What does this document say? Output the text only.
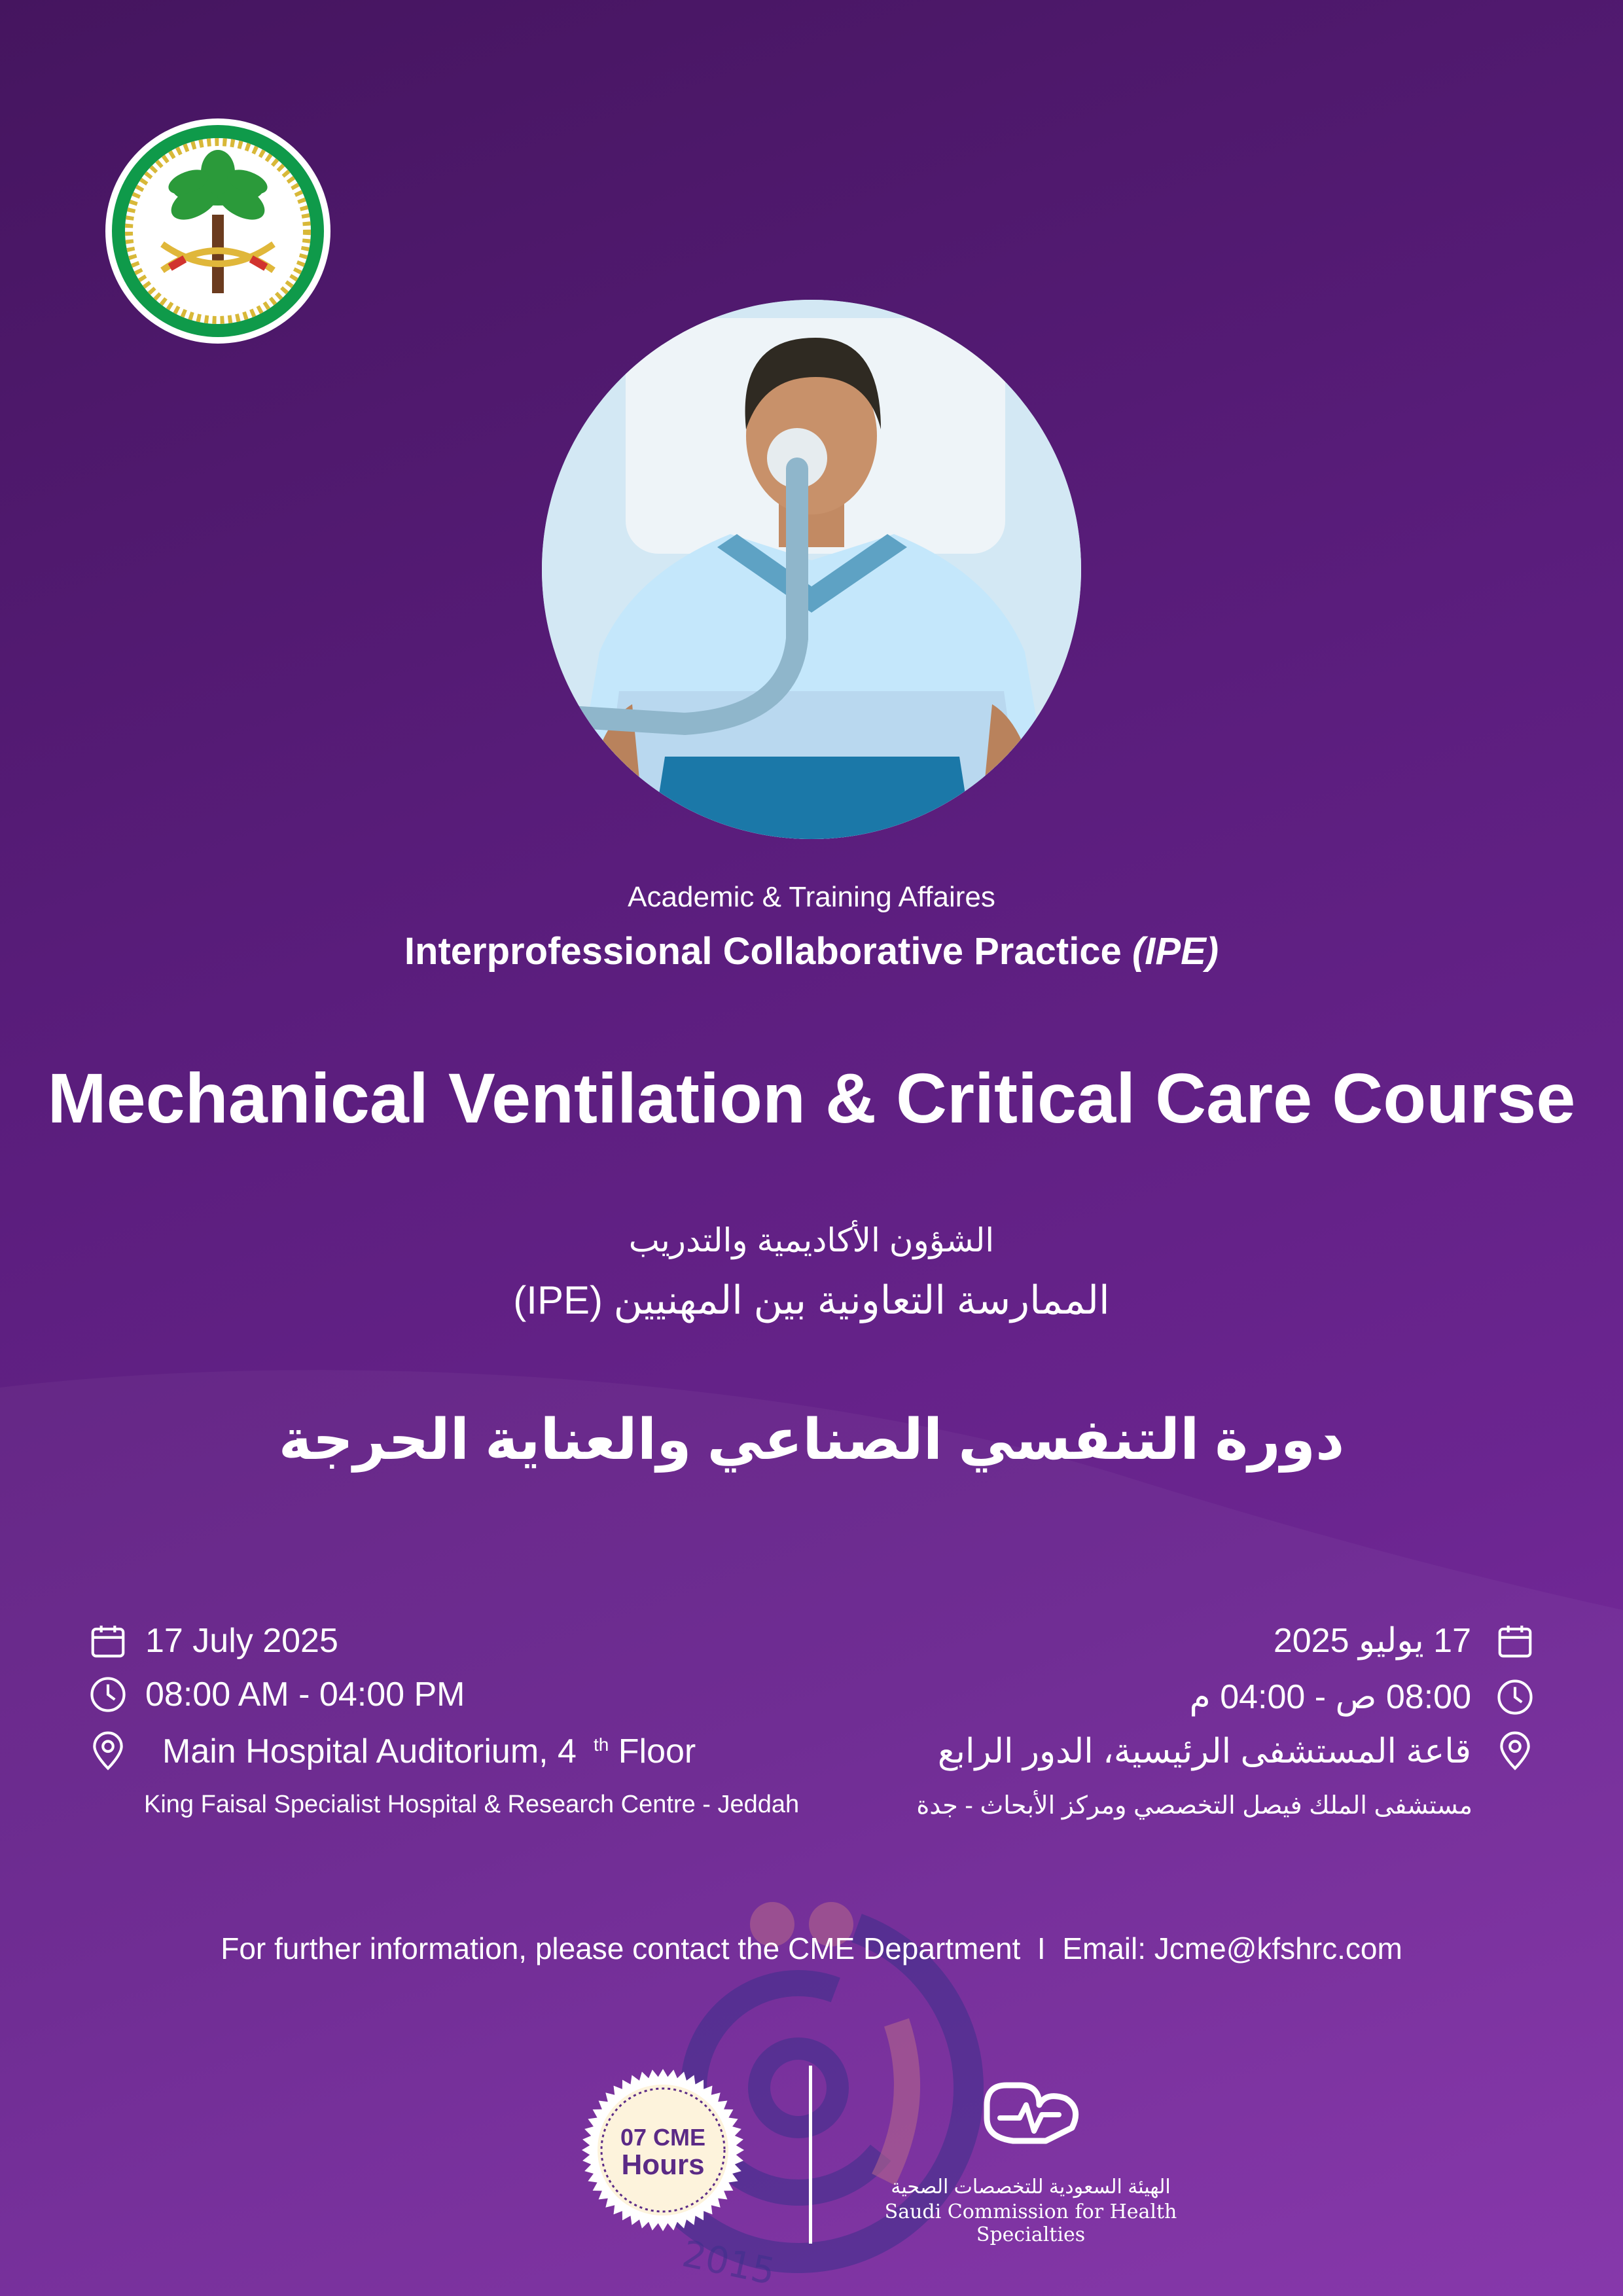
Academic & Training Affaires
Interprofessional Collaborative Practice (IPE)
Mechanical Ventilation & Critical Care Course
الشؤون الأكاديمية والتدريب
الممارسة التعاونية بين المهنيين (IPE)
دورة التنفسي الصناعي والعناية الحرجة
2015
17 July 2025
08:00 AM - 04:00 PM
Main Hospital Auditorium, 4 $^{th}$ Floor
King Faisal Specialist Hospital & Research Centre - Jeddah
17 يوليو 2025
08:00 ص - 04:00 م
قاعة المستشفى الرئيسية، الدور الرابع
مستشفى الملك فيصل التخصصي ومركز الأبحاث - جدة
For further information, please contact the CME Department  I  Email: Jcme@kfshrc.com
07 CME
Hours
الهيئة السعودية للتخصصات الصحية
Saudi Commission for Health Specialties
